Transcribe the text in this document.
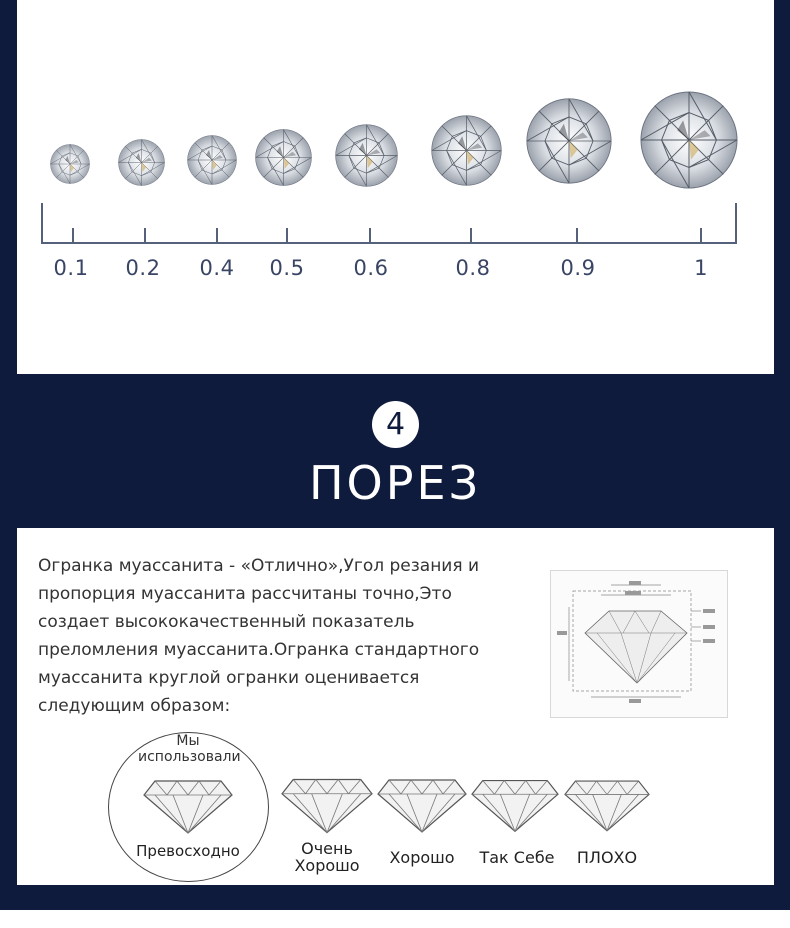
0.1	0.2	0.4	0.5	0.6	0.8	0.9	1
4
ПОРЕЗ

Огранка муассанита - «Отлично»,Угол резания и пропорция муассанита рассчитаны точно,Это создает высококачественный показатель преломления муассанита.Огранка стандартного муассанита круглой огранки оценивается следующим образом:

Мы использовали
Превосходно	Очень Хорошо	Хорошо	Так Себе	ПЛОХО
